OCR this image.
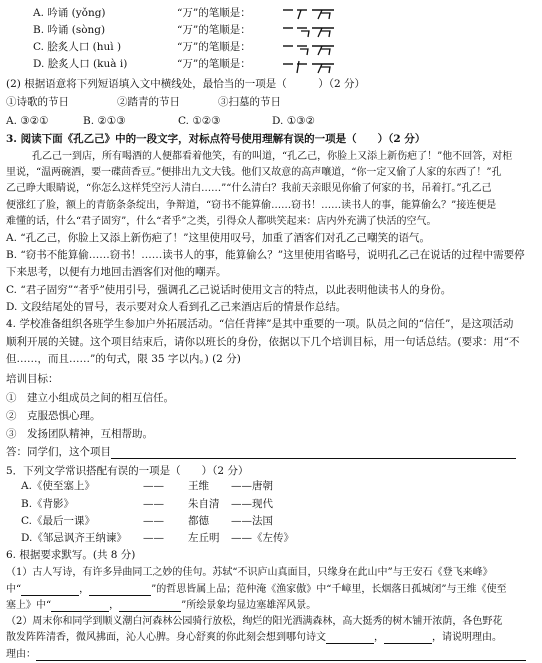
A. 吟诵 (yǒng)	“万”的笔顺是：
B. 吟诵 (sòng)	“万”的笔顺是：
C. 脍炙人口 (huì )	“万”的笔顺是：
D. 脍炙人口 (kuà i)	“万”的笔顺是：
(2) 根据语意将下列短语填入文中横线处，最恰当的一项是（　　　）（2 分）
①诗歌的节日	②踏青的节日	③扫墓的节日
A. ③②①	B. ②①③	C. ①②③	D. ①③②
3. 阅读下面《孔乙己》中的一段文字，对标点符号使用理解有误的一项是（　　）（2 分）
孔乙己一到店，所有喝酒的人便都看着他笑，有的叫道，“孔乙己，你脸上又添上新伤疤了！”他不回答，对柜
里说，“温两碗酒，要一碟茴香豆。”便排出九文大钱。他们又故意的高声嚷道，“你一定又偷了人家的东西了！”孔
乙己睁大眼睛说，“你怎么这样凭空污人清白……”“什么清白？我前天亲眼见你偷了何家的书，吊着打。”孔乙己
便涨红了脸，额上的青筋条条绽出，争辩道，“窃书不能算偷……窃书！……读书人的事，能算偷么？”接连便是
难懂的话，什么“君子固穷”，什么“者乎”之类，引得众人都哄笑起来：店内外充满了快活的空气。
A. “孔乙己，你脸上又添上新伤疤了！”这里使用叹号，加重了酒客们对孔乙己嘲笑的语气。
B. “窃书不能算偷……窃书！……读书人的事，能算偷么？”这里使用省略号，说明孔乙己在说话的过程中需要停
下来思考，以便有力地回击酒客们对他的嘲弄。
C. “君子固穷”“者乎”使用引号，强调孔乙己说话时使用文言的特点，以此表明他读书人的身份。
D. 文段结尾处的冒号，表示要对众人看到孔乙己来酒店后的情景作总结。
4. 学校准备组织各班学生参加户外拓展活动。“信任背摔”是其中重要的一项。队员之间的“信任”，是这项活动
顺利开展的关键。这个项目结束后，请你以班长的身份，依据以下几个培训目标，用一句话总结。(要求：用“不
但……，而且……”的句式，限 35 字以内。) (2 分)
培训目标：
①　建立小组成员之间的相互信任。
②　克服恐惧心理。
③　发扬团队精神，互相帮助。
答：同学们，这个项目
5．下列文学常识搭配有误的一项是（　　）（2 分）
A.《使至塞上》	—— 王维 ——唐朝
B.《背影》	—— 朱自清 ——现代
C.《最后一课》	—— 都德 ——法国
D.《邹忌讽齐王纳谏》 —— 左丘明 ——《左传》
6. 根据要求默写。(共 8 分)
（1）古人写诗，有许多异曲同工之妙的佳句。苏轼“不识庐山真面目，只缘身在此山中”与王安石《登飞来峰》
中“	，	”的哲思皆属上品；范仲淹《渔家傲》中“千嶂里，长烟落日孤城闭”与王维《使至
塞上》中“	，	”所绘景象均显边塞雄浑风景。
（2）周末你和同学到顺义潮白河森林公园骑行放松，绚烂的阳光洒满森林，高大挺秀的树木铺开浓荫，各色野花
散发阵阵清香，微风拂面，沁人心脾。身心舒爽的你此刻会想到哪句诗文	，	，请说明理由。
理由：
